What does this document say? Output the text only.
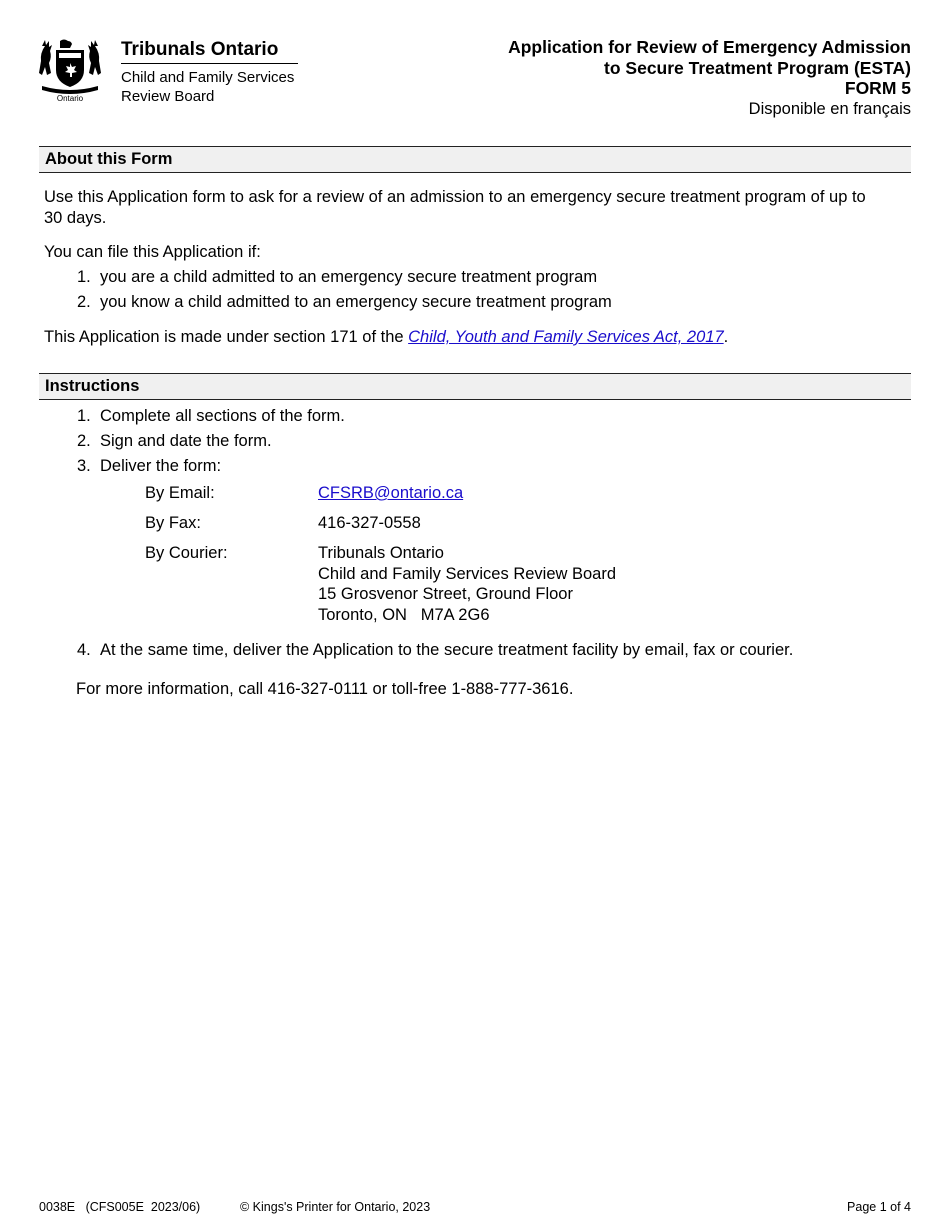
Ontario
Tribunals Ontario
Child and Family Services
Review Board
Application for Review of Emergency Admission
to Secure Treatment Program (ESTA)
FORM 5
Disponible en français
About this Form
Use this Application form to ask for a review of an admission to an emergency secure treatment program of up to
30 days.
You can file this Application if:
1. you are a child admitted to an emergency secure treatment program
2. you know a child admitted to an emergency secure treatment program
This Application is made under section 171 of the Child, Youth and Family Services Act, 2017.
Instructions
1. Complete all sections of the form.
2. Sign and date the form.
3. Deliver the form:
By Email:	CFSRB@ontario.ca
By Fax:	416-327-0558
By Courier:	Tribunals Ontario
Child and Family Services Review Board
15 Grosvenor Street, Ground Floor
Toronto, ON   M7A 2G6
4. At the same time, deliver the Application to the secure treatment facility by email, fax or courier.
For more information, call 416-327-0111 or toll-free 1-888-777-3616.
0038E   (CFS005E  2023/06)	© Kings's Printer for Ontario, 2023	Page 1 of 4
